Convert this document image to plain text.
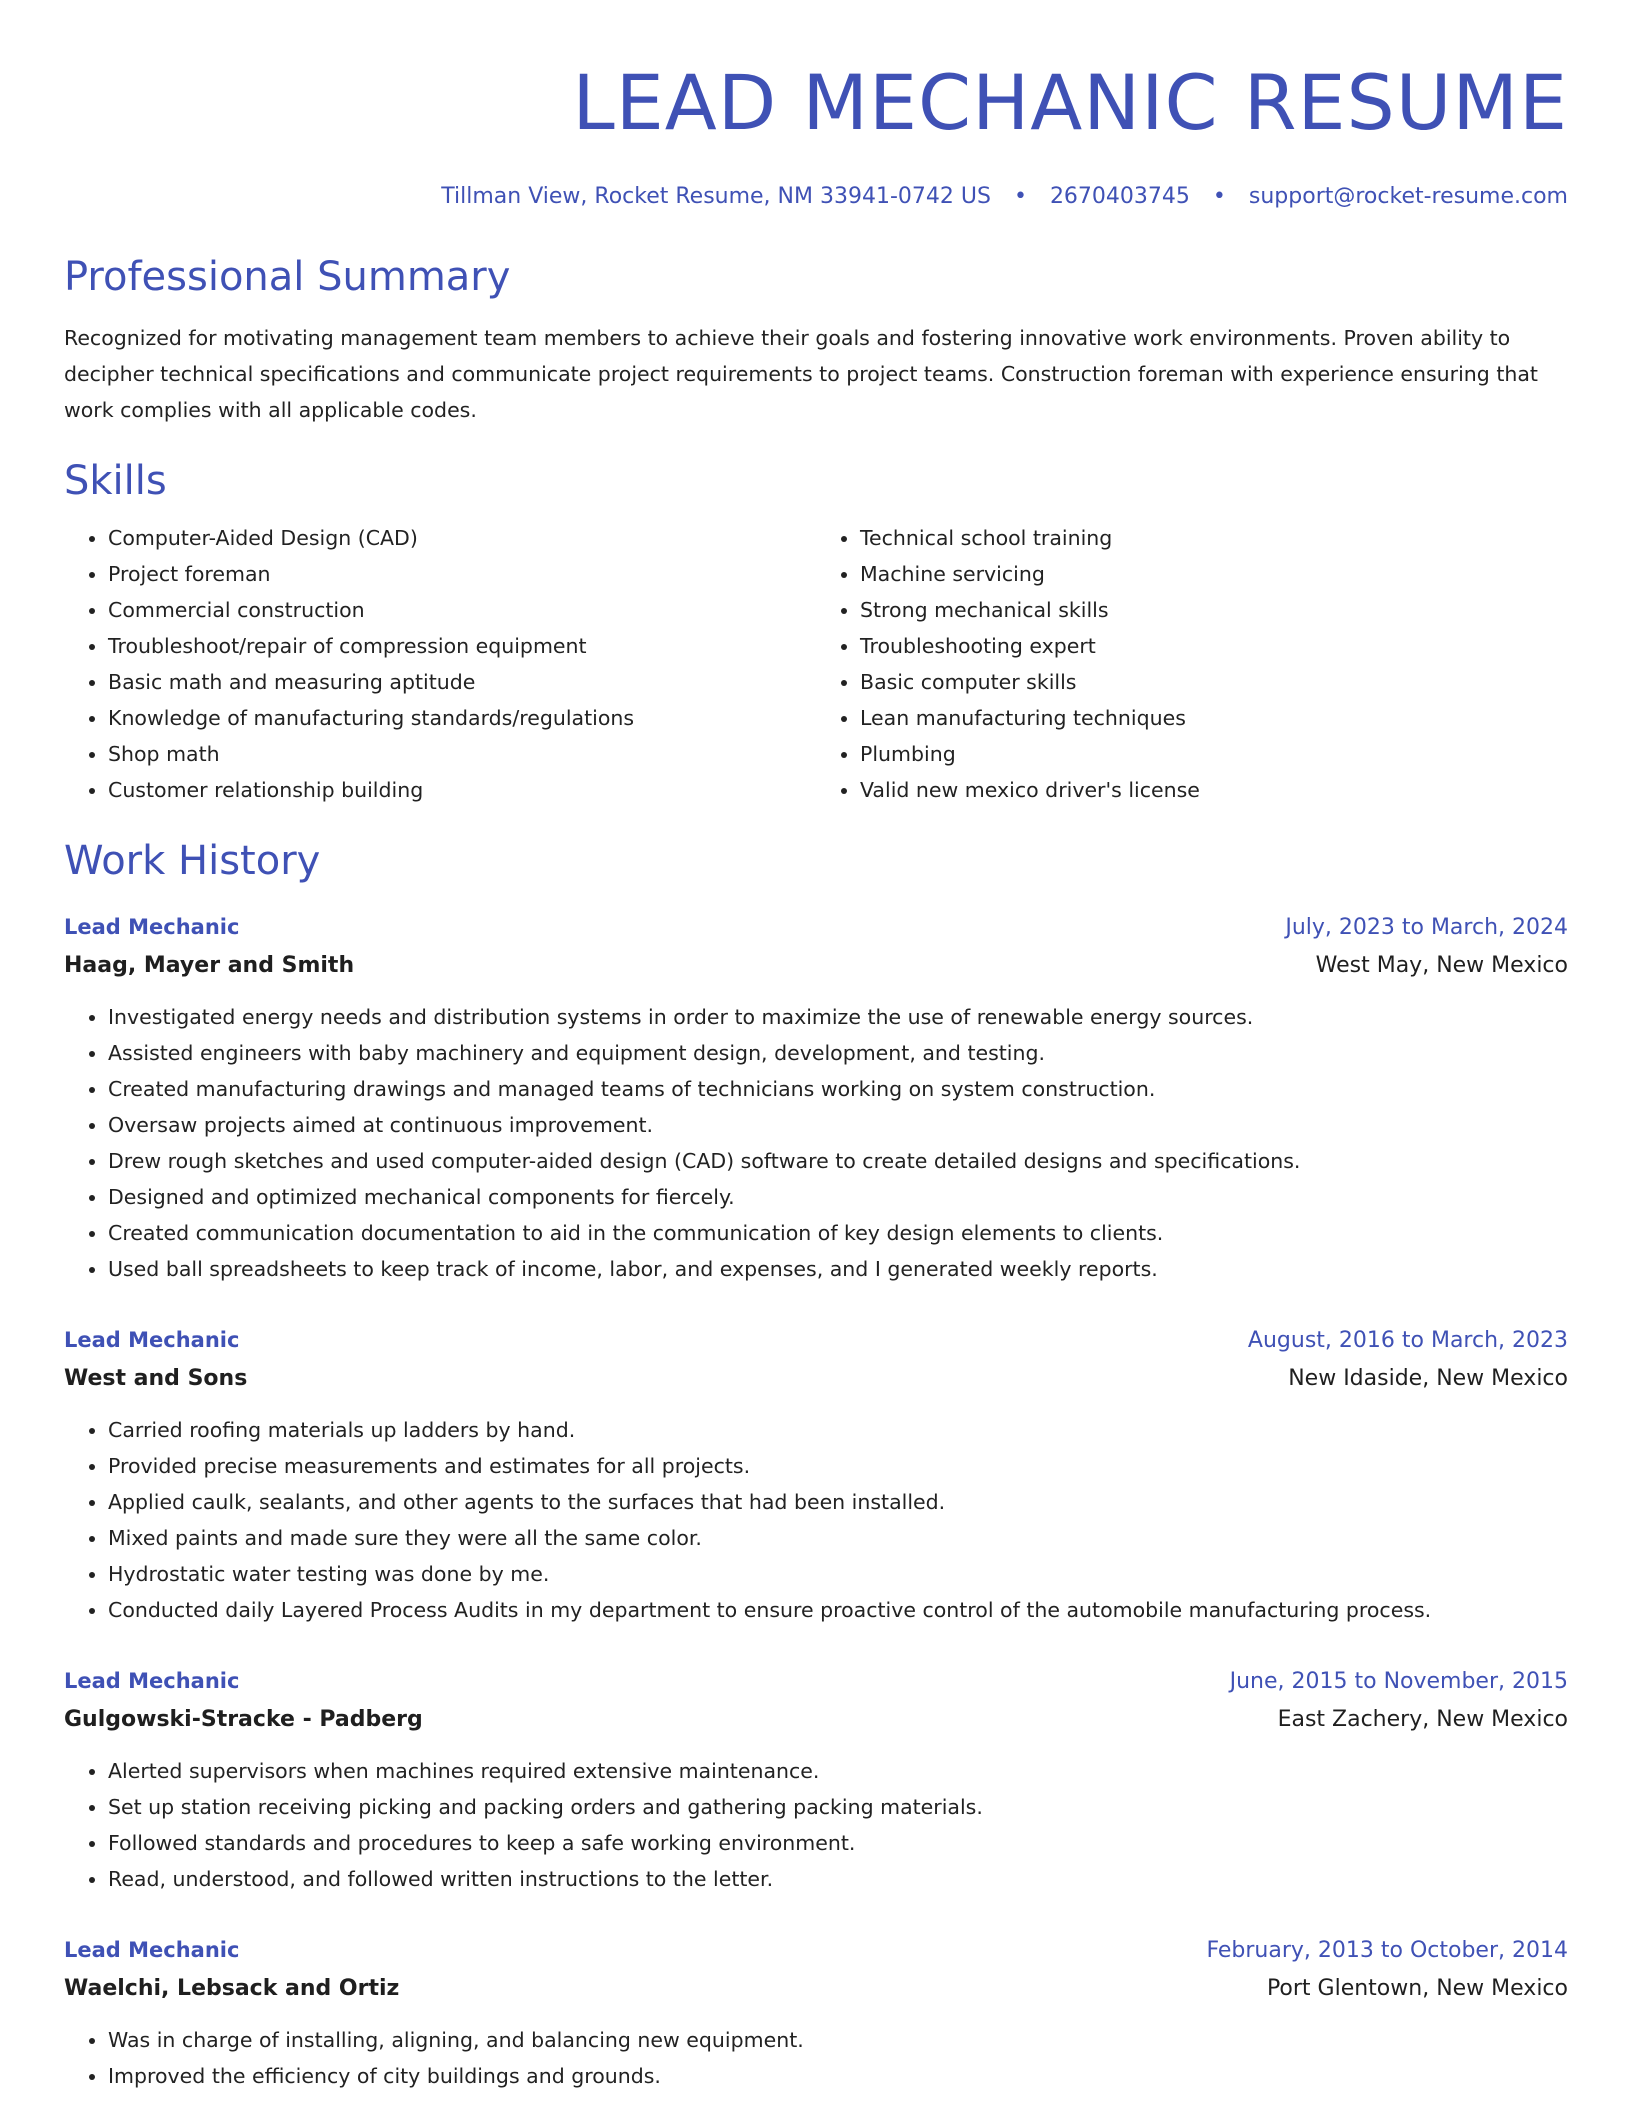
LEAD MECHANIC RESUME
Tillman View, Rocket Resume, NM 33941-0742 US • 2670403745 • support@rocket-resume.com
Professional Summary

Recognized for motivating management team members to achieve their goals and fostering innovative work environments. Proven ability to decipher technical specifications and communicate project requirements to project teams. Construction foreman with experience ensuring that work complies with all applicable codes.

Skills
• Computer-Aided Design (CAD)
• Project foreman
• Commercial construction
• Troubleshoot/repair of compression equipment
• Basic math and measuring aptitude
• Knowledge of manufacturing standards/regulations
• Shop math
• Customer relationship building
• Technical school training
• Machine servicing
• Strong mechanical skills
• Troubleshooting expert
• Basic computer skills
• Lean manufacturing techniques
• Plumbing
• Valid new mexico driver's license
Work History
Lead Mechanic	July, 2023 to March, 2024
Haag, Mayer and Smith	West May, New Mexico
• Investigated energy needs and distribution systems in order to maximize the use of renewable energy sources.
• Assisted engineers with baby machinery and equipment design, development, and testing.
• Created manufacturing drawings and managed teams of technicians working on system construction.
• Oversaw projects aimed at continuous improvement.
• Drew rough sketches and used computer-aided design (CAD) software to create detailed designs and specifications.
• Designed and optimized mechanical components for fiercely.
• Created communication documentation to aid in the communication of key design elements to clients.
• Used ball spreadsheets to keep track of income, labor, and expenses, and I generated weekly reports.
Lead Mechanic	August, 2016 to March, 2023
West and Sons	New Idaside, New Mexico
• Carried roofing materials up ladders by hand.
• Provided precise measurements and estimates for all projects.
• Applied caulk, sealants, and other agents to the surfaces that had been installed.
• Mixed paints and made sure they were all the same color.
• Hydrostatic water testing was done by me.
• Conducted daily Layered Process Audits in my department to ensure proactive control of the automobile manufacturing process.
Lead Mechanic	June, 2015 to November, 2015
Gulgowski-Stracke - Padberg	East Zachery, New Mexico
• Alerted supervisors when machines required extensive maintenance.
• Set up station receiving picking and packing orders and gathering packing materials.
• Followed standards and procedures to keep a safe working environment.
• Read, understood, and followed written instructions to the letter.
Lead Mechanic	February, 2013 to October, 2014
Waelchi, Lebsack and Ortiz	Port Glentown, New Mexico
• Was in charge of installing, aligning, and balancing new equipment.
• Improved the efficiency of city buildings and grounds.
